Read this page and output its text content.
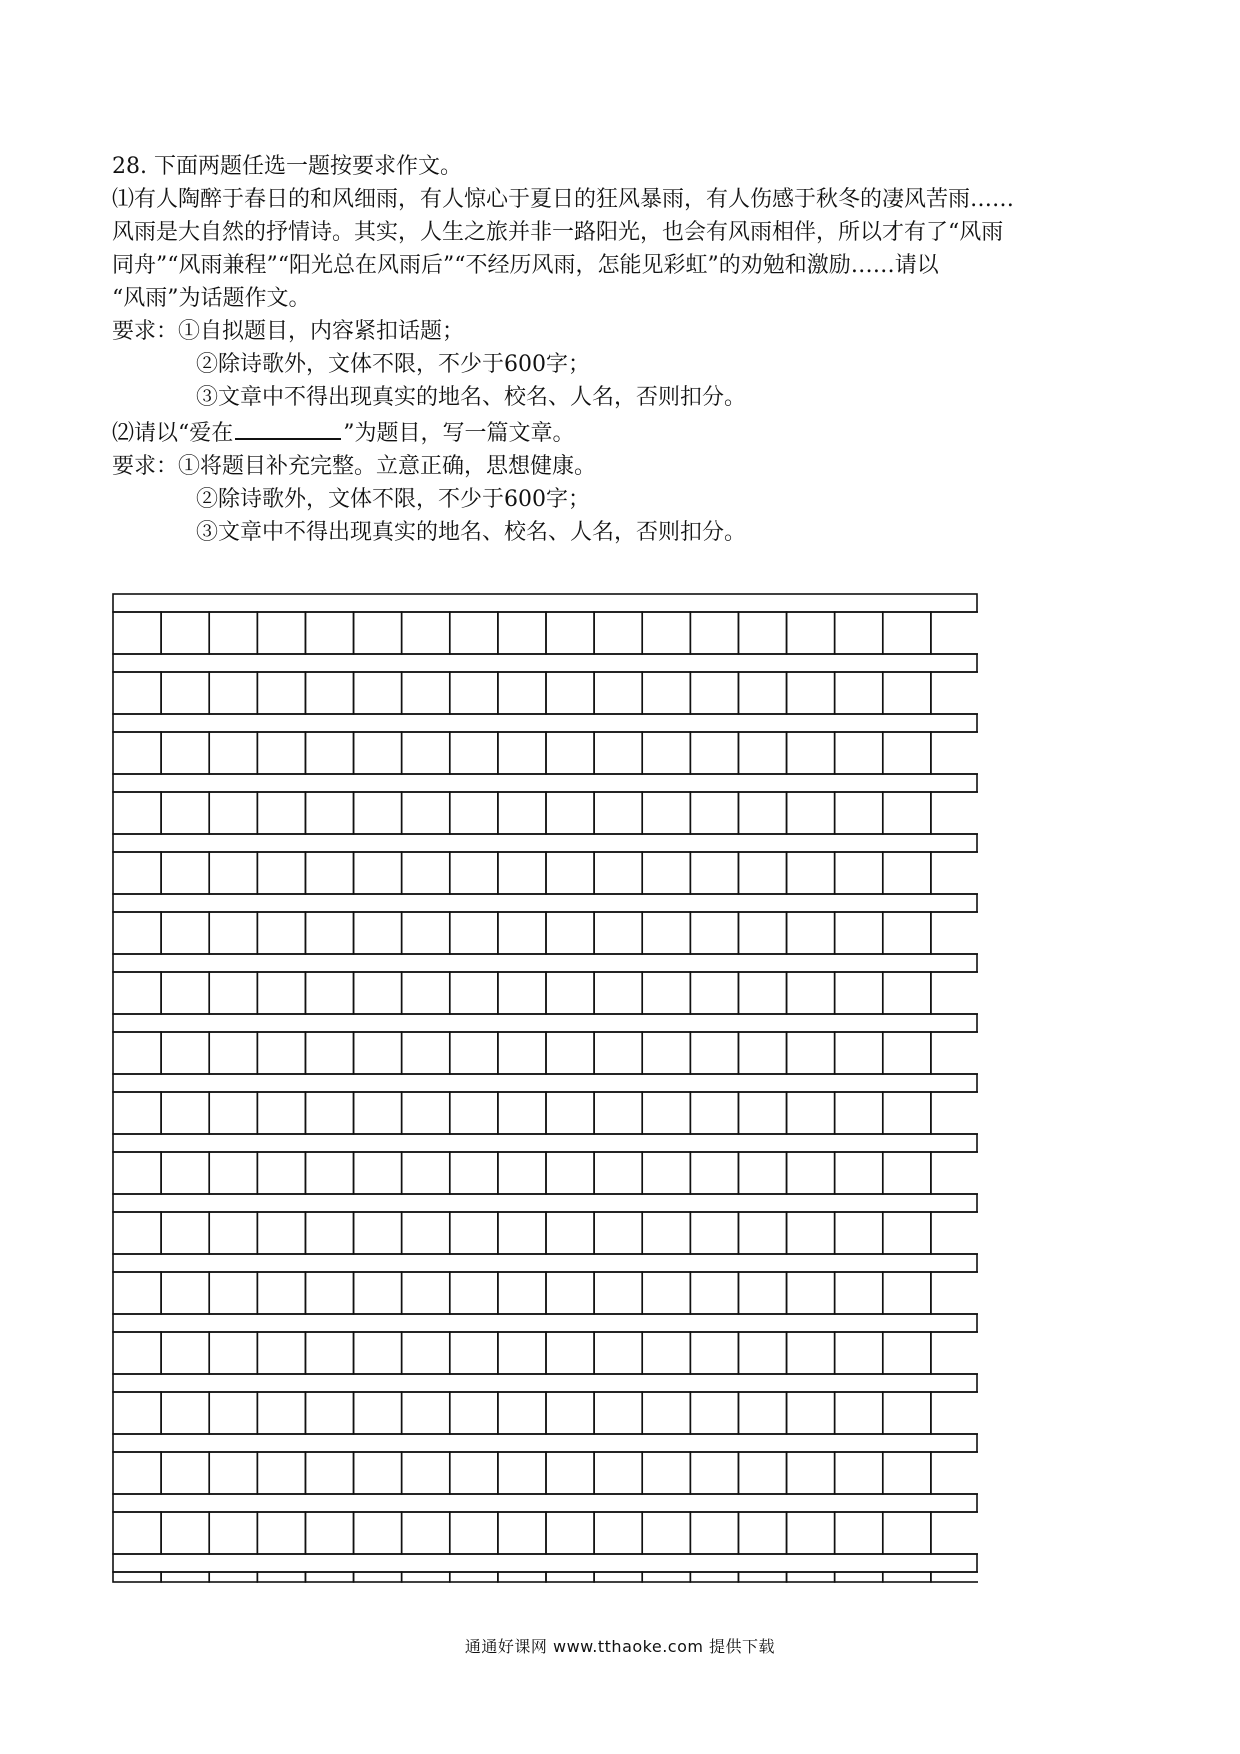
28. 下面两题任选一题按要求作文。

⑴有人陶醉于春日的和风细雨，有人惊心于夏日的狂风暴雨，有人伤感于秋冬的凄风苦雨……

风雨是大自然的抒情诗。其实，人生之旅并非一路阳光，也会有风雨相伴，所以才有了“风雨

同舟”“风雨兼程”“阳光总在风雨后”“不经历风雨，怎能见彩虹”的劝勉和激励……请以

“风雨”为话题作文。

要求：①自拟题目，内容紧扣话题；

②除诗歌外，文体不限，不少于600字；

③文章中不得出现真实的地名、校名、人名，否则扣分。

⑵请以“爱在	”为题目，写一篇文章。

要求：①将题目补充完整。立意正确，思想健康。

②除诗歌外，文体不限，不少于600字；

③文章中不得出现真实的地名、校名、人名，否则扣分。

通通好课网 www.tthaoke.com 提供下载
